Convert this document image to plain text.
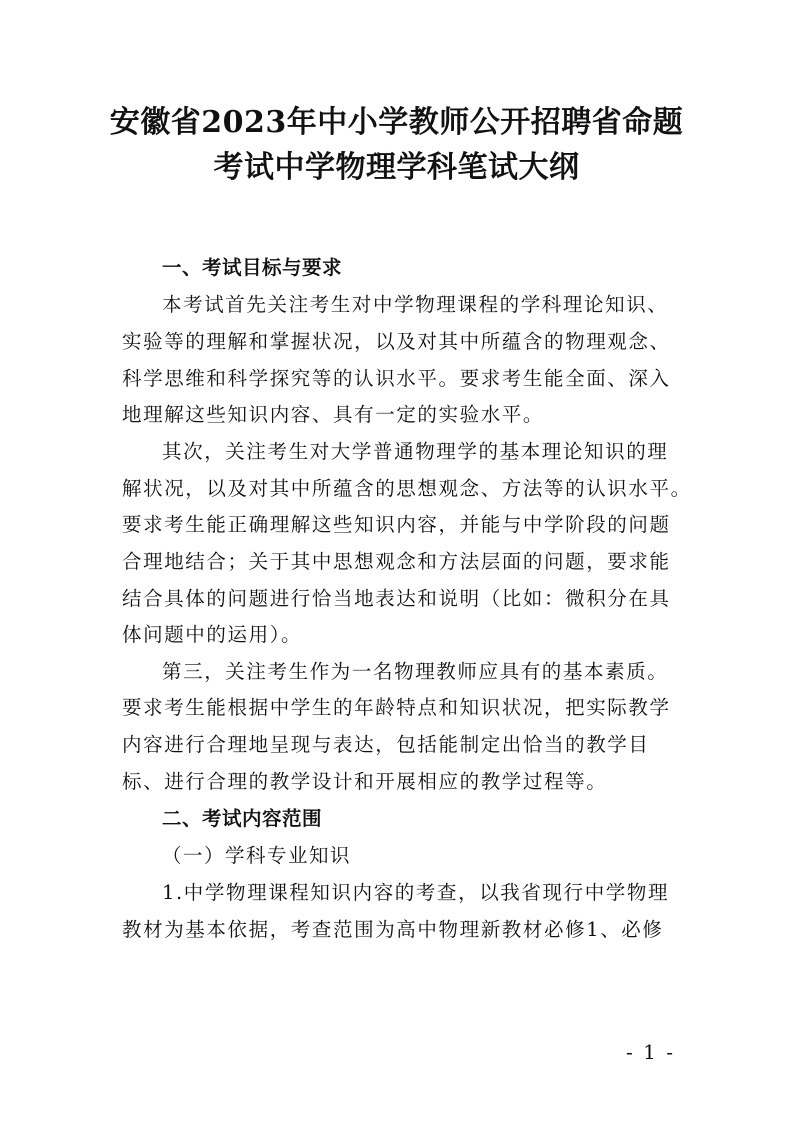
安徽省2023年中小学教师公开招聘省命题
考试中学物理学科笔试大纲
一、考试目标与要求
本考试首先关注考生对中学物理课程的学科理论知识、
实验等的理解和掌握状况，以及对其中所蕴含的物理观念、
科学思维和科学探究等的认识水平。要求考生能全面、深入
地理解这些知识内容、具有一定的实验水平。
其次，关注考生对大学普通物理学的基本理论知识的理
解状况，以及对其中所蕴含的思想观念、方法等的认识水平。
要求考生能正确理解这些知识内容，并能与中学阶段的问题
合理地结合；关于其中思想观念和方法层面的问题，要求能
结合具体的问题进行恰当地表达和说明（比如：微积分在具
体问题中的运用）。
第三，关注考生作为一名物理教师应具有的基本素质。
要求考生能根据中学生的年龄特点和知识状况，把实际教学
内容进行合理地呈现与表达，包括能制定出恰当的教学目
标、进行合理的教学设计和开展相应的教学过程等。
二、考试内容范围
（一）学科专业知识
1.中学物理课程知识内容的考查，以我省现行中学物理
教材为基本依据，考查范围为高中物理新教材必修1、必修
- 1 -
